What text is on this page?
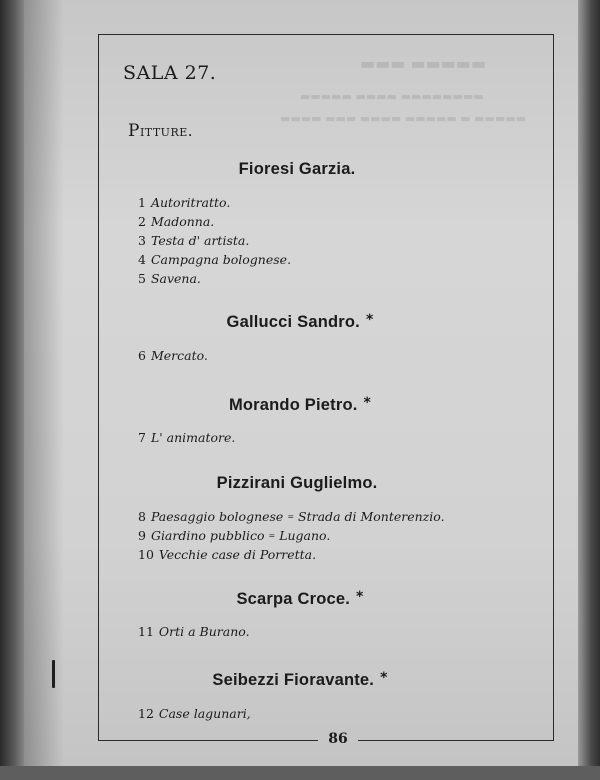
86
SALA 27.
Pitture.
Fioresi Garzia.
1 Autoritratto.
2 Madonna.
3 Testa d' artista.
4 Campagna bolognese.
5 Savena.
Gallucci Sandro. *
6 Mercato.
Morando Pietro. *
7 L' animatore.
Pizzirani Guglielmo.
8 Paesaggio bolognese = Strada di Monterenzio.
9 Giardino pubblico = Lugano.
10 Vecchie case di Porretta.
Scarpa Croce. *
11 Orti a Burano.
Seibezzi Fioravante. *
12 Case lagunari,
